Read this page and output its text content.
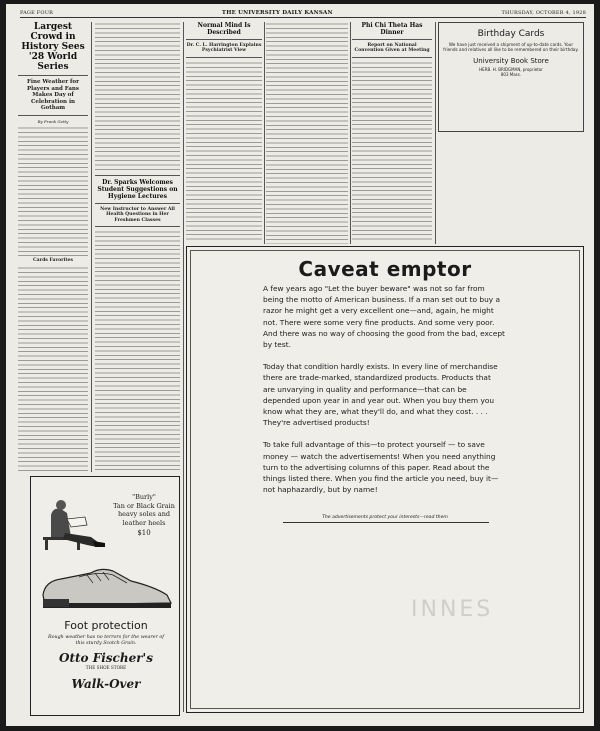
PAGE FOUR	THE UNIVERSITY DAILY KANSAN	THURSDAY, OCTOBER 4, 1928
Largest Crowd in History Sees '28 World Series
Fine Weather for Players and Fans Makes Day of Celebration in Gotham
By Frank Getty
Cards Favorites
Dr. Sparks Welcomes Student Suggestions on Hygiene Lectures
New Instructor to Answer All Health Questions in Her Freshmen Classes
Normal Mind Is Described
Dr. C. L. Harrington Explains Psychiatrist View
Phi Chi Theta Has Dinner
Report on National Convention Given at Meeting
Birthday Cards
We have just received a shipment of up-to-date cards. Your friends and relatives all like to be remembered on their birthday.
University Book Store
HERB. H. BRIDGMAN, proprietor
803 Mass.
"Burly"
Tan or Black Grain
heavy soles and
leather heels
$10
Foot protection
Rough weather has no terrors for the wearer of this sturdy Scotch Grain.
Otto Fischer's
THE SHOE STORE
Walk-Over
Caveat emptor

A few years ago "Let the buyer beware" was not so far from being the motto of American business. If a man set out to buy a razor he might get a very excellent one—and, again, he might not. There were some very fine products. And some very poor. And there was no way of choosing the good from the bad, except by test.

Today that condition hardly exists. In every line of merchandise there are trade-marked, standardized products. Products that are unvarying in quality and performance—that can be depended upon year in and year out. When you buy them you know what they are, what they'll do, and what they cost. . . . They're advertised products!

To take full advantage of this—to protect yourself — to save money — watch the advertisements! When you need anything turn to the advertising columns of this paper. Read about the things listed there. When you find the article you need, buy it—not haphazardly, but by name!

The advertisements protect your interests—read them
INNES
